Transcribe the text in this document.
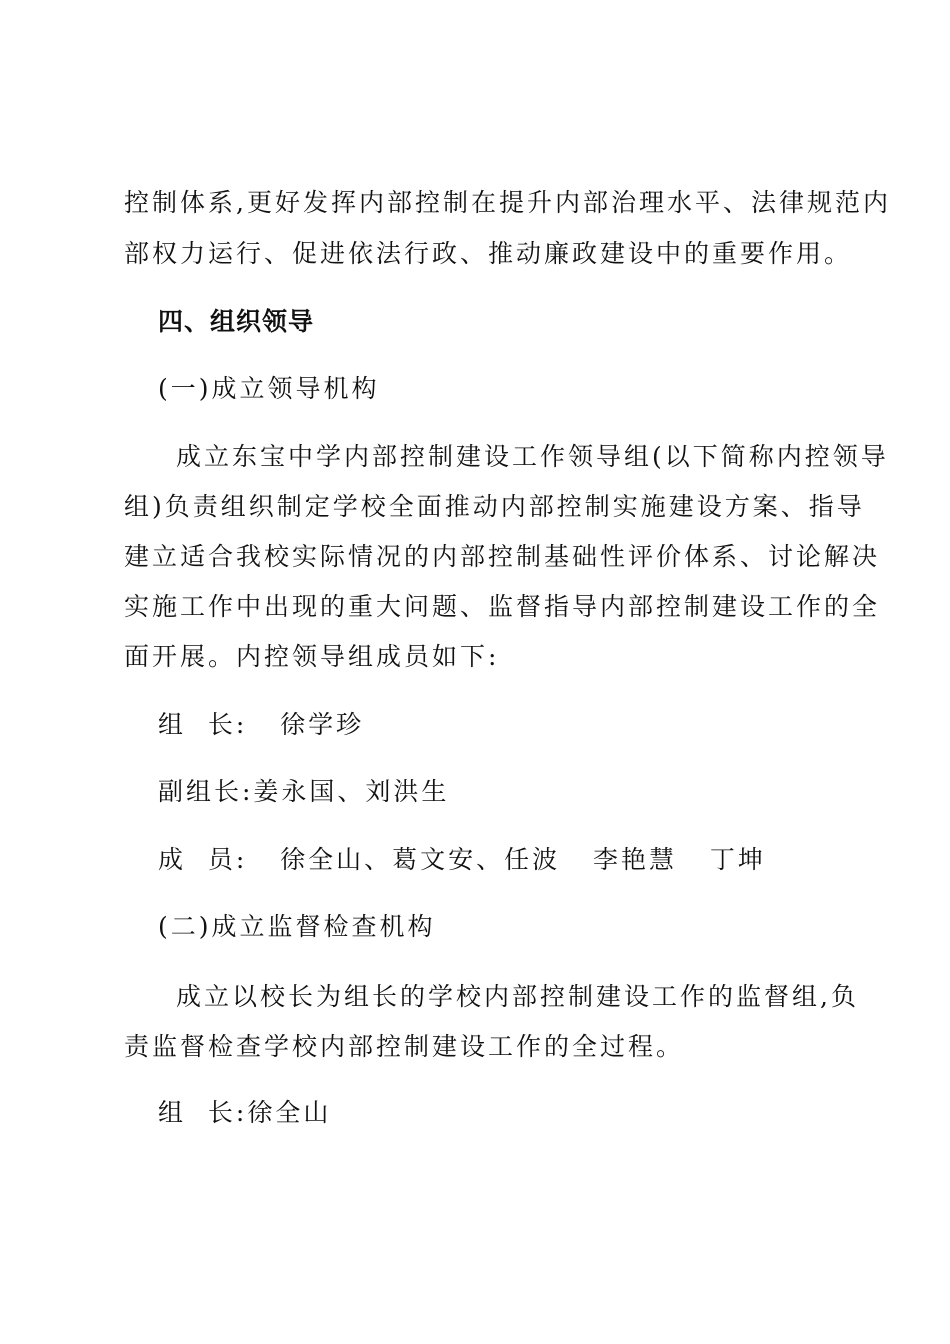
控制体系,更好发挥内部控制在提升内部治理水平、法律规范内
部权力运行、促进依法行政、推动廉政建设中的重要作用。
四、组织领导
(一)成立领导机构
成立东宝中学内部控制建设工作领导组(以下简称内控领导
组)负责组织制定学校全面推动内部控制实施建设方案、指导
建立适合我校实际情况的内部控制基础性评价体系、讨论解决
实施工作中出现的重大问题、监督指导内部控制建设工作的全
面开展。内控领导组成员如下:
组  长:   徐学珍
副组长:姜永国、刘洪生
成  员:   徐全山、葛文安、任波   李艳慧   丁坤
(二)成立监督检查机构
成立以校长为组长的学校内部控制建设工作的监督组,负
责监督检查学校内部控制建设工作的全过程。
组  长:徐全山
